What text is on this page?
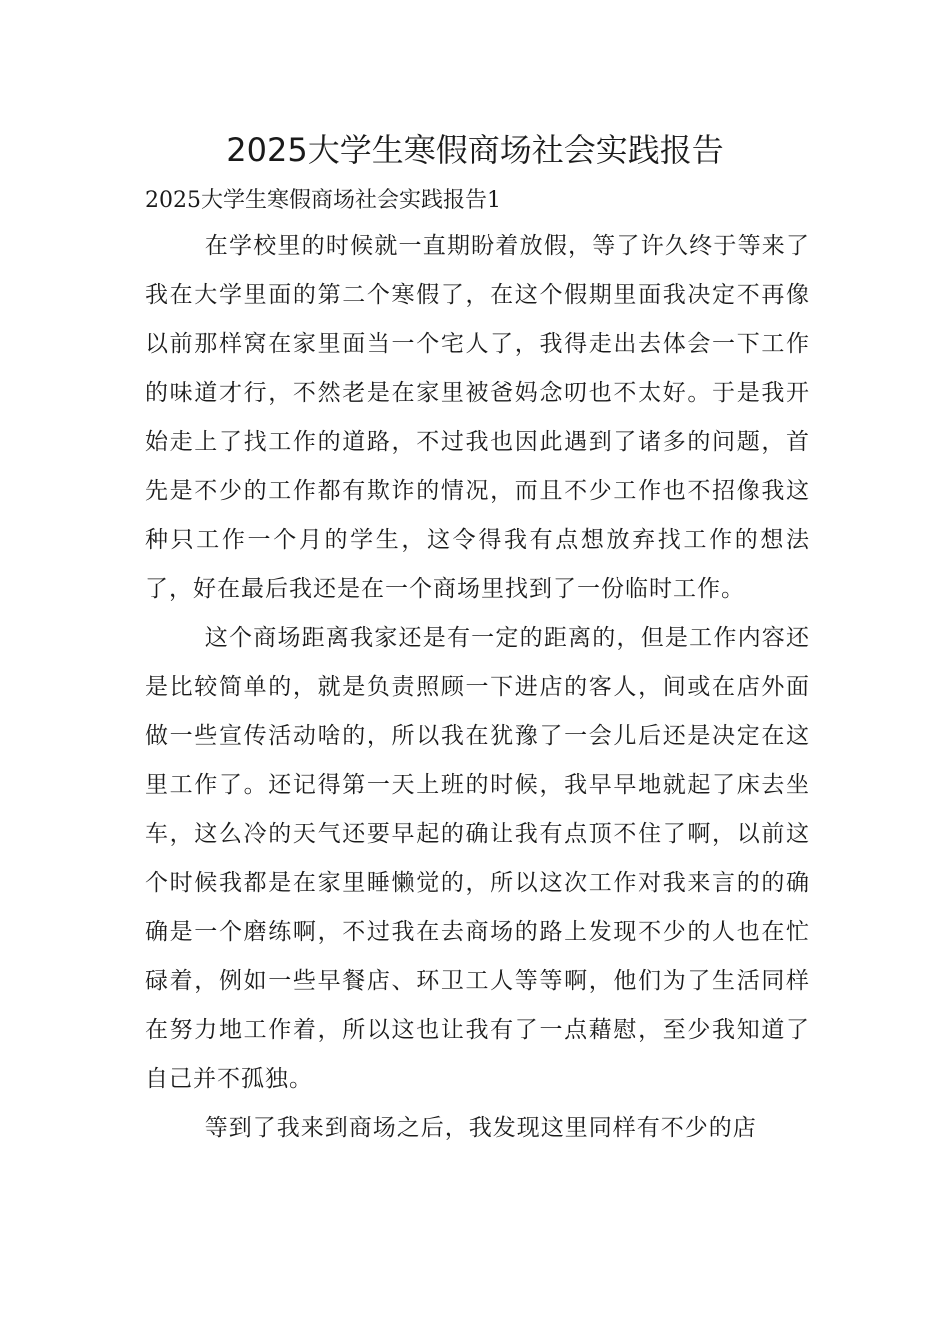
2025大学生寒假商场社会实践报告

2025大学生寒假商场社会实践报告1

在学校里的时候就一直期盼着放假，等了许久终于等来了我在大学里面的第二个寒假了，在这个假期里面我决定不再像以前那样窝在家里面当一个宅人了，我得走出去体会一下工作的味道才行，不然老是在家里被爸妈念叨也不太好。于是我开始走上了找工作的道路，不过我也因此遇到了诸多的问题，首先是不少的工作都有欺诈的情况，而且不少工作也不招像我这种只工作一个月的学生，这令得我有点想放弃找工作的想法了，好在最后我还是在一个商场里找到了一份临时工作。

这个商场距离我家还是有一定的距离的，但是工作内容还是比较简单的，就是负责照顾一下进店的客人，间或在店外面做一些宣传活动啥的，所以我在犹豫了一会儿后还是决定在这里工作了。还记得第一天上班的时候，我早早地就起了床去坐车，这么冷的天气还要早起的确让我有点顶不住了啊，以前这个时候我都是在家里睡懒觉的，所以这次工作对我来言的的确确是一个磨练啊，不过我在去商场的路上发现不少的人也在忙碌着，例如一些早餐店、环卫工人等等啊，他们为了生活同样在努力地工作着，所以这也让我有了一点藉慰，至少我知道了自己并不孤独。

等到了我来到商场之后，我发现这里同样有不少的店
